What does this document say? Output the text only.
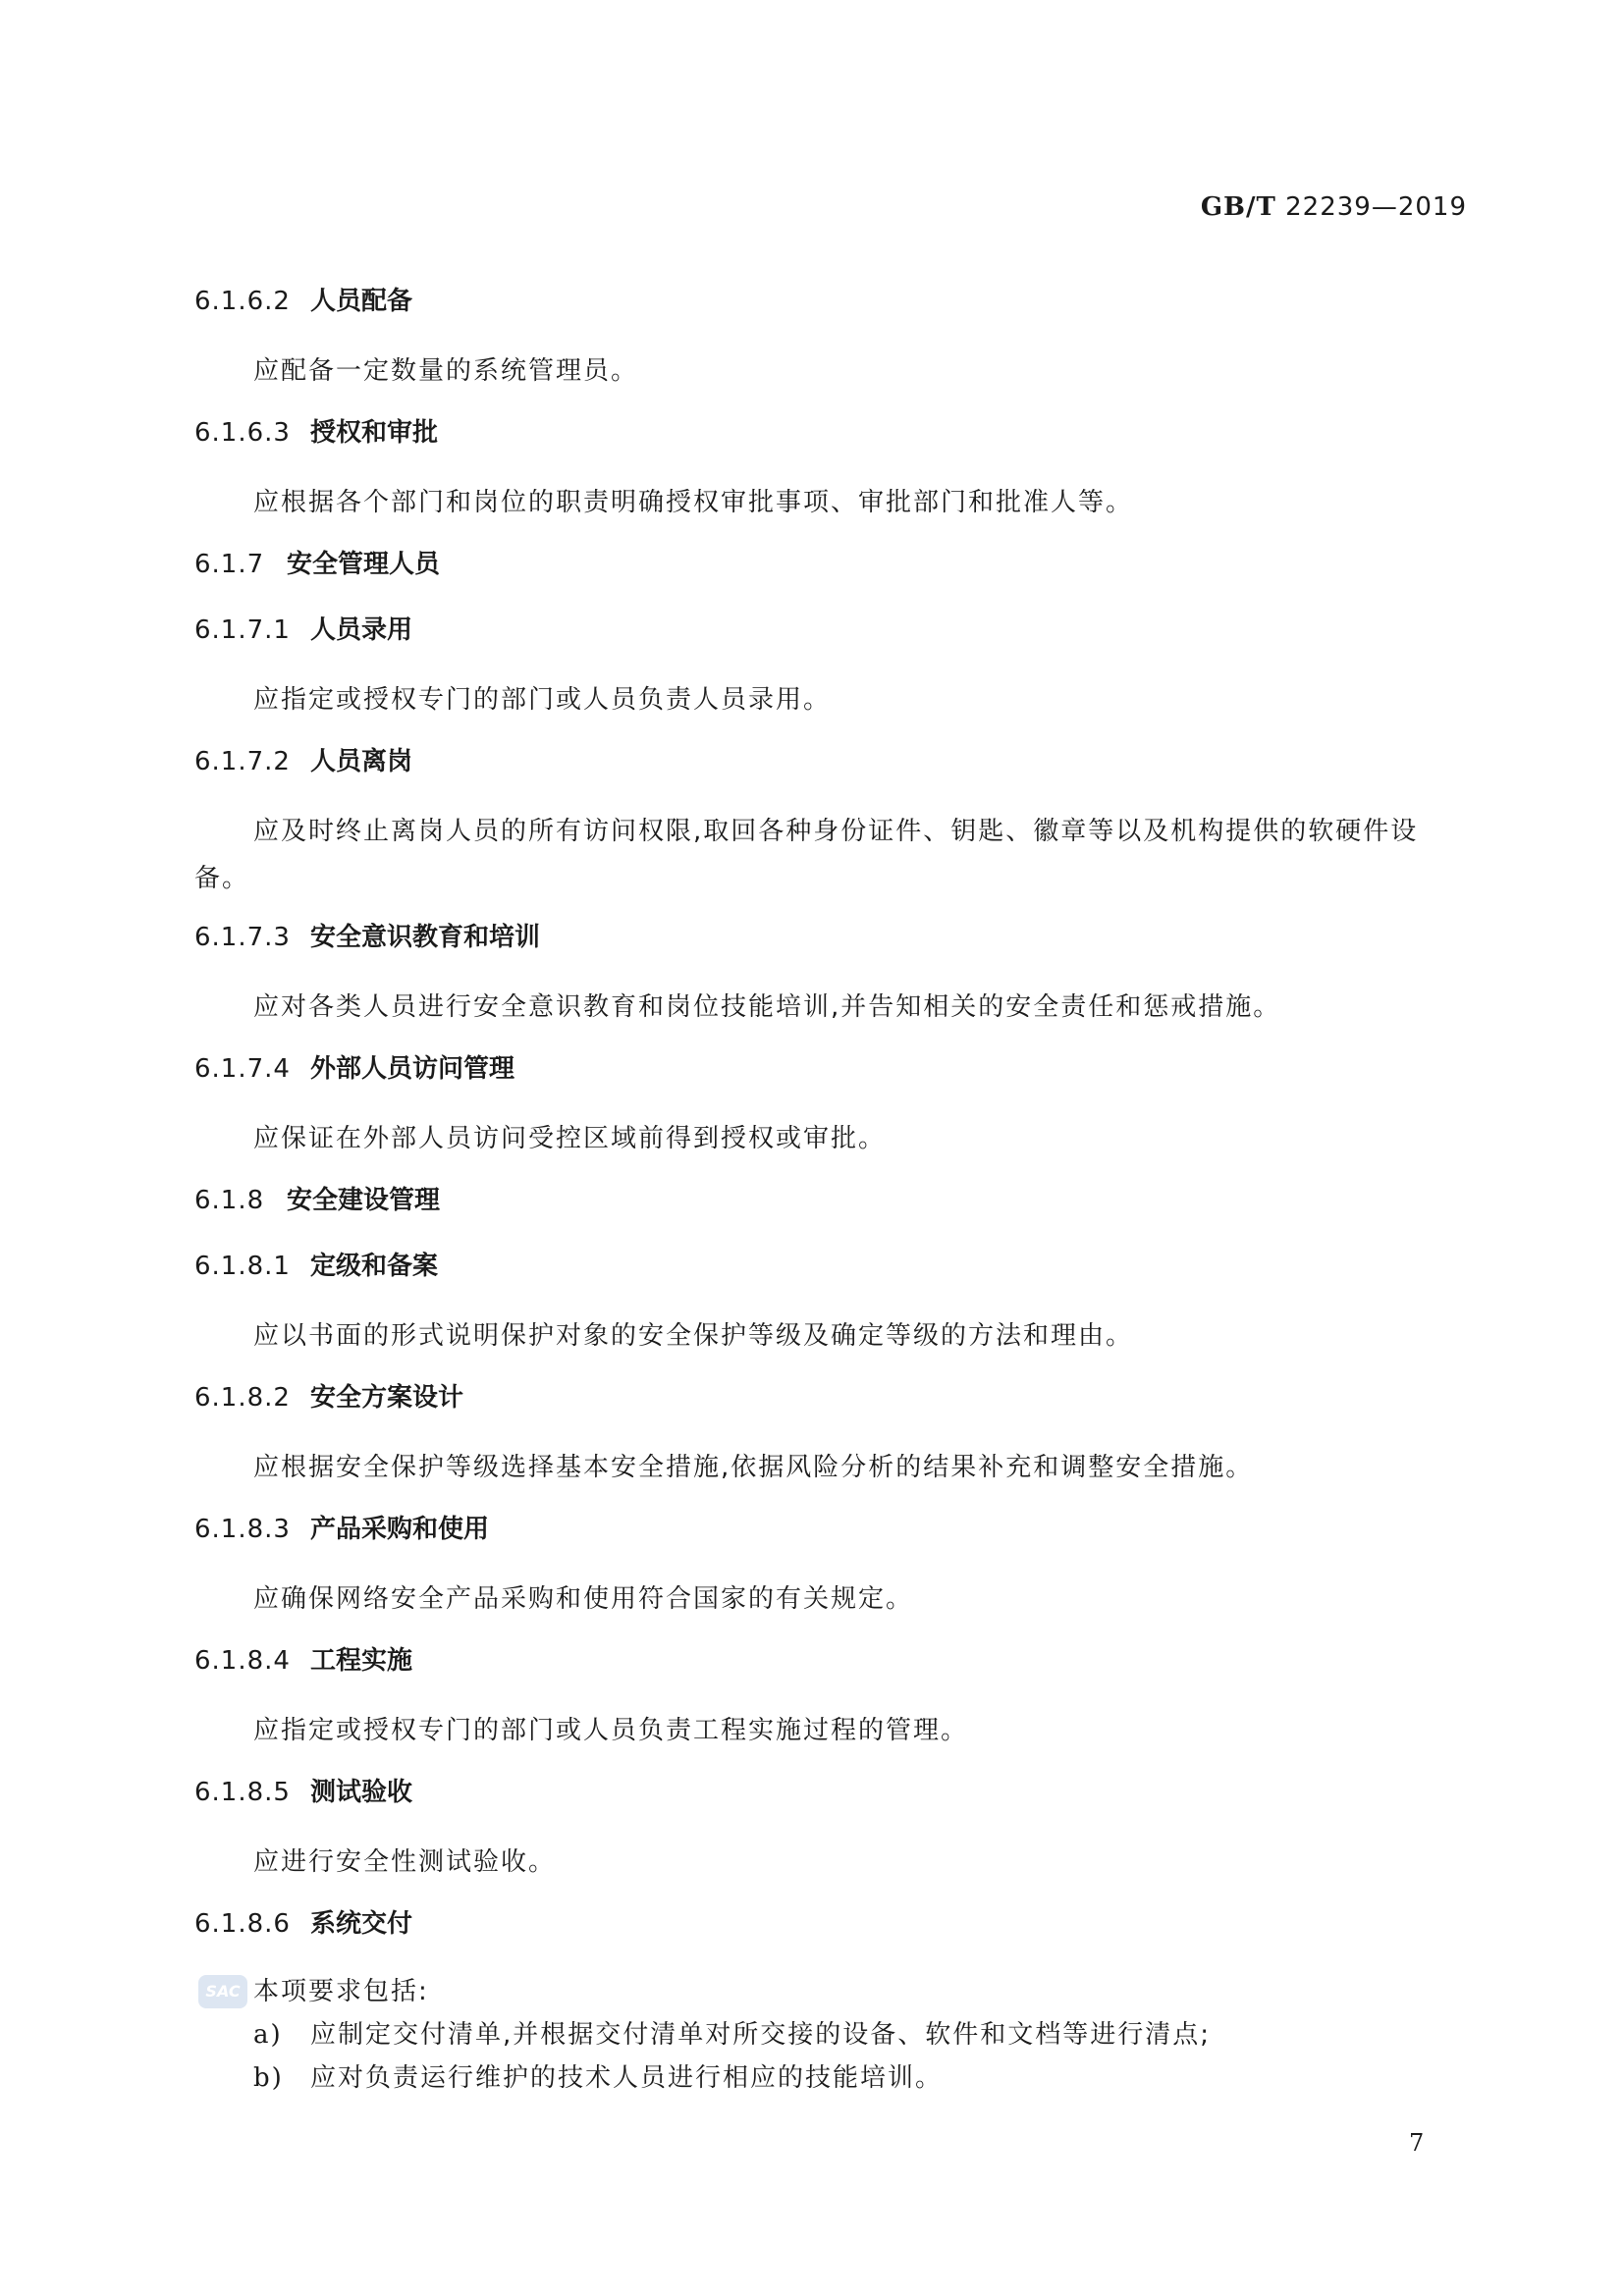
GB/T 22239—2019
6.1.6.2 人员配备
应配备一定数量的系统管理员。
6.1.6.3 授权和审批
应根据各个部门和岗位的职责明确授权审批事项、审批部门和批准人等。
6.1.7 安全管理人员
6.1.7.1 人员录用
应指定或授权专门的部门或人员负责人员录用。
6.1.7.2 人员离岗
应及时终止离岗人员的所有访问权限,取回各种身份证件、钥匙、徽章等以及机构提供的软硬件设备。
6.1.7.3 安全意识教育和培训
应对各类人员进行安全意识教育和岗位技能培训,并告知相关的安全责任和惩戒措施。
6.1.7.4 外部人员访问管理
应保证在外部人员访问受控区域前得到授权或审批。
6.1.8 安全建设管理
6.1.8.1 定级和备案
应以书面的形式说明保护对象的安全保护等级及确定等级的方法和理由。
6.1.8.2 安全方案设计
应根据安全保护等级选择基本安全措施,依据风险分析的结果补充和调整安全措施。
6.1.8.3 产品采购和使用
应确保网络安全产品采购和使用符合国家的有关规定。
6.1.8.4 工程实施
应指定或授权专门的部门或人员负责工程实施过程的管理。
6.1.8.5 测试验收
应进行安全性测试验收。
6.1.8.6 系统交付
SAC 本项要求包括:
a) 应制定交付清单,并根据交付清单对所交接的设备、软件和文档等进行清点;
b) 应对负责运行维护的技术人员进行相应的技能培训。
7
